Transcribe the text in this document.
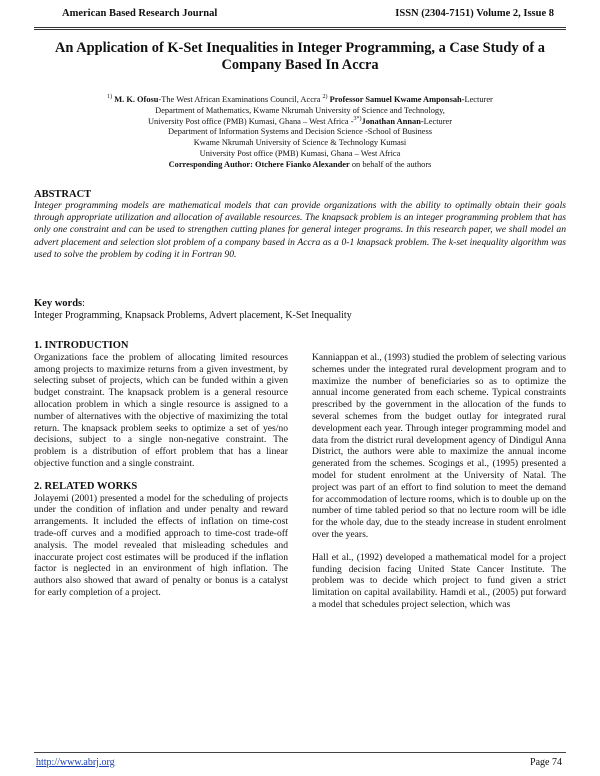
American Based Research Journal	ISSN (2304-7151) Volume 2, Issue 8
An Application of K-Set Inequalities in Integer Programming, a Case Study of a Company Based In Accra
$^{1)}$ M. K. Ofosu-The West African Examinations Council, Accra $^{2)}$ Professor Samuel Kwame Amponsah-Lecturer
Department of Mathematics, Kwame Nkrumah University of Science and Technology,
University Post office (PMB) Kumasi, Ghana – West Africa -$^{3*)}$Jonathan Annan-Lecturer
Department of Information Systems and Decision Science -School of Business
Kwame Nkrumah University of Science & Technology Kumasi
University Post office (PMB) Kumasi, Ghana – West Africa
Corresponding Author: Otchere Fianko Alexander on behalf of the authors
ABSTRACT
Integer programming models are mathematical models that can provide organizations with the ability to optimally obtain their goals through appropriate utilization and allocation of available resources. The knapsack problem is an integer programming problem that has only one constraint and can be used to strengthen cutting planes for general integer programs. In this research paper, we shall model an advert placement and selection slot problem of a company based in Accra as a 0-1 knapsack problem. The k-set inequality algorithm was used to solve the problem by coding it in Fortran 90.
Key words:
Integer Programming, Knapsack Problems, Advert placement, K-Set Inequality
1. INTRODUCTION

Organizations face the problem of allocating limited resources among projects to maximize returns from a given investment, by selecting subset of projects, which can be funded within a given budget constraint. The knapsack problem is a general resource allocation problem in which a single resource is assigned to a number of alternatives with the objective of maximizing the total return. The knapsack problem seeks to optimize a set of yes/no decisions, subject to a single non-negative constraint. The problem is a distribution of effort problem that has a linear objective function and a single constraint.

2. RELATED WORKS

Jolayemi (2001) presented a model for the scheduling of projects under the condition of inflation and under penalty and reward arrangements. It included the effects of inflation on time-cost trade-off curves and a modified approach to time-cost trade-off analysis. The model revealed that misleading schedules and inaccurate project cost estimates will be produced if the inflation factor is neglected in an environment of high inflation. The authors also showed that award of penalty or bonus is a catalyst for early completion of a project.

Kanniappan et al., (1993) studied the problem of selecting various schemes under the integrated rural development program and to maximize the number of beneficiaries so as to optimize the annual income generated from each scheme. Typical constraints prescribed by the government in the allocation of the funds to several schemes from the budget outlay for integrated rural development each year. Through integer programming model and data from the district rural development agency of Dindigul Anna District, the authors were able to maximize the annual income generated from the schemes. Scogings et al., (1995) presented a model for student enrolment at the University of Natal. The project was part of an effort to find solution to meet the demand for accommodation of lecture rooms, which is to double up on the number of time tabled period so that no lecture room will be idle for the whole day, due to the steady increase in student enrolment over the years.

Hall et al., (1992) developed a mathematical model for a project funding decision facing United State Cancer Institute. The problem was to decide which project to fund given a strict limitation on capital availability. Hamdi et al., (2005) put forward a model that schedules project selection, which was

http://www.abrj.org	Page 74
